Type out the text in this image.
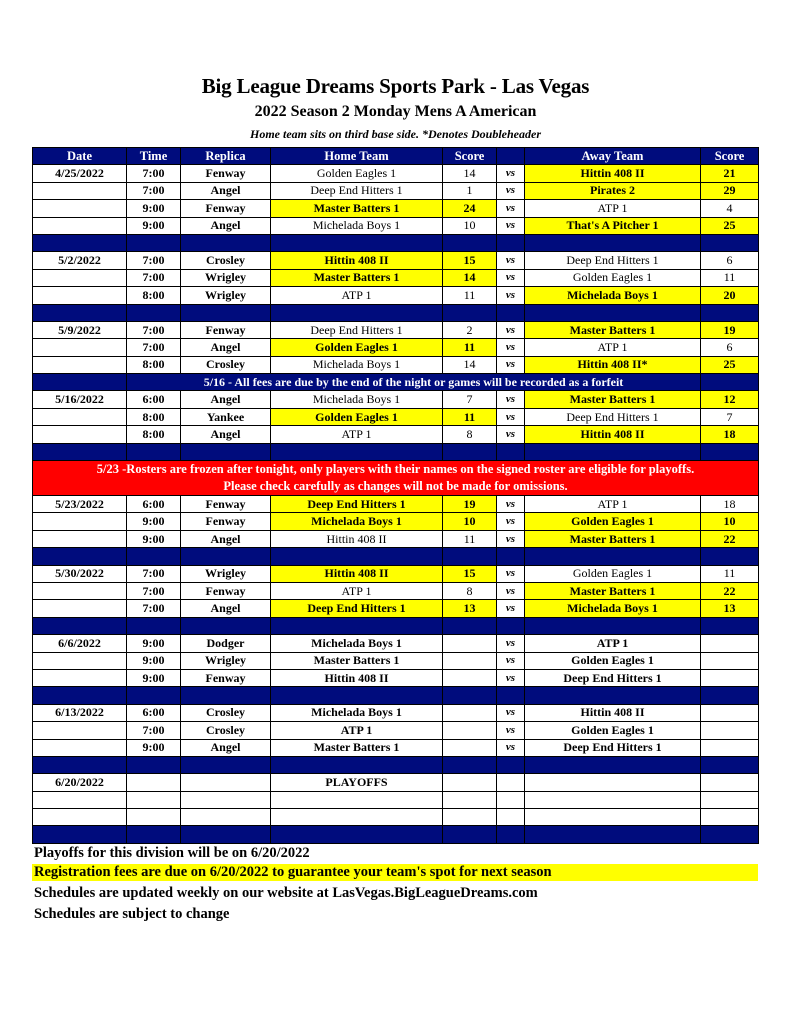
Big League Dreams Sports Park - Las Vegas
2022 Season 2 Monday Mens A American
Home team sits on third base side. *Denotes Doubleheader
Date	Time	Replica	Home Team	Score		Away Team	Score
4/25/2022	7:00	Fenway	Golden Eagles 1	14	vs	Hittin 408 II	21
	7:00	Angel	Deep End Hitters 1	1	vs	Pirates 2	29
	9:00	Fenway	Master Batters 1	24	vs	ATP 1	4
	9:00	Angel	Michelada Boys 1	10	vs	That's A Pitcher 1	25

5/2/2022	7:00	Crosley	Hittin 408 II	15	vs	Deep End Hitters 1	6
	7:00	Wrigley	Master Batters 1	14	vs	Golden Eagles 1	11
	8:00	Wrigley	ATP 1	11	vs	Michelada Boys 1	20

5/9/2022	7:00	Fenway	Deep End Hitters 1	2	vs	Master Batters 1	19
	7:00	Angel	Golden Eagles 1	11	vs	ATP 1	6
	8:00	Crosley	Michelada Boys 1	14	vs	Hittin 408 II*	25
	5/16 - All fees are due by the end of the night or games will be recorded as a forfeit						
5/16/2022	6:00	Angel	Michelada Boys 1	7	vs	Master Batters 1	12
	8:00	Yankee	Golden Eagles 1	11	vs	Deep End Hitters 1	7
	8:00	Angel	ATP 1	8	vs	Hittin 408 II	18

5/23 -Rosters are frozen after tonight, only players with their names on the signed roster are eligible for playoffs.
Please check carefully as changes will not be made for omissions.							

5/23/2022	6:00	Fenway	Deep End Hitters 1	19	vs	ATP 1	18
	9:00	Fenway	Michelada Boys 1	10	vs	Golden Eagles 1	10
	9:00	Angel	Hittin 408 II	11	vs	Master Batters 1	22

5/30/2022	7:00	Wrigley	Hittin 408 II	15	vs	Golden Eagles 1	11
	7:00	Fenway	ATP 1	8	vs	Master Batters 1	22
	7:00	Angel	Deep End Hitters 1	13	vs	Michelada Boys 1	13

6/6/2022	9:00	Dodger	Michelada Boys 1		vs	ATP 1	
	9:00	Wrigley	Master Batters 1		vs	Golden Eagles 1	
	9:00	Fenway	Hittin 408 II		vs	Deep End Hitters 1	

6/13/2022	6:00	Crosley	Michelada Boys 1		vs	Hittin 408 II	
	7:00	Crosley	ATP 1		vs	Golden Eagles 1	
	9:00	Angel	Master Batters 1		vs	Deep End Hitters 1	

6/20/2022			PLAYOFFS				

Playoffs for this division will be on 6/20/2022
Registration fees are due on 6/20/2022 to guarantee your team's spot for next season
Schedules are updated weekly on our website at LasVegas.BigLeagueDreams.com
Schedules are subject to change
